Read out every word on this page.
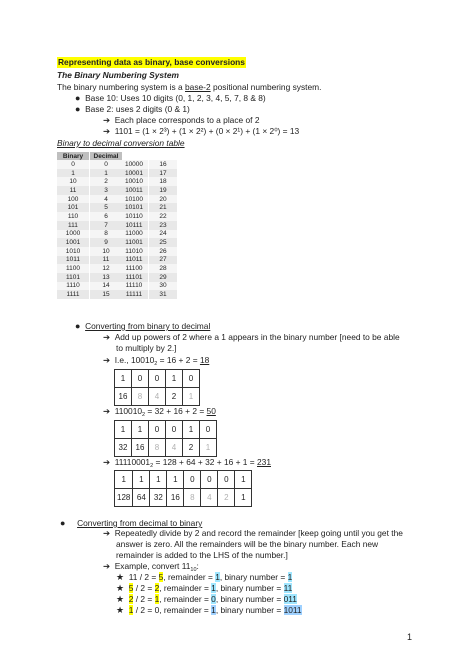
Representing data as binary, base conversions
The Binary Numbering System
The binary numbering system is a base-2 positional numbering system.
● Base 10: Uses 10 digits (0, 1, 2, 3, 4, 5, 7, 8 & 8)
● Base 2: uses 2 digits (0 & 1)
➔ Each place corresponds to a place of 2
➔ 1101 = (1 × 2³) + (1 × 2²) + (0 × 2¹) + (1 × 2⁰) = 13
Binary to decimal conversion table
Binary	Decimal
0	0
1	1
10	2
11	3
100	4
101	5
110	6
111	7
1000	8
1001	9
1010	10
1011	11
1100	12
1101	13
1110	14
1111	15
10000	16
10001	17
10010	18
10011	19
10100	20
10101	21
10110	22
10111	23
11000	24
11001	25
11010	26
11011	27
11100	28
11101	29
11110	30
11111	31
● Converting from binary to decimal
➔ Add up powers of 2 where a 1 appears in the binary number [need to be able
to multiply by 2.]
➔ I.e., $10010_2 = 16 + 2 = 18$
1	0	0	1	0
16	8	4	2	1
➔ $110010_2 = 32 + 16 + 2 = 50$
1	1	0	0	1	0
32	16	8	4	2	1
➔ $11110001_2 = 128 + 64 + 32 + 16 + 1 = 231$
1	1	1	1	0	0	0	1
128	64	32	16	8	4	2	1
● Converting from decimal to binary
➔ Repeatedly divide by 2 and record the remainder [keep going until you get the
answer is zero. All the remainders will be the binary number. Each new
remainder is added to the LHS of the number.]
➔ Example, convert $11_{10}$:
★ 11 / 2 = 5, remainder = 1, binary number = 1
★ 5 / 2 = 2, remainder = 1, binary number = 11
★ 2 / 2 = 1, remainder = 0, binary number = 011
★ 1 / 2 = 0, remainder = 1, binary number = 1011
1
